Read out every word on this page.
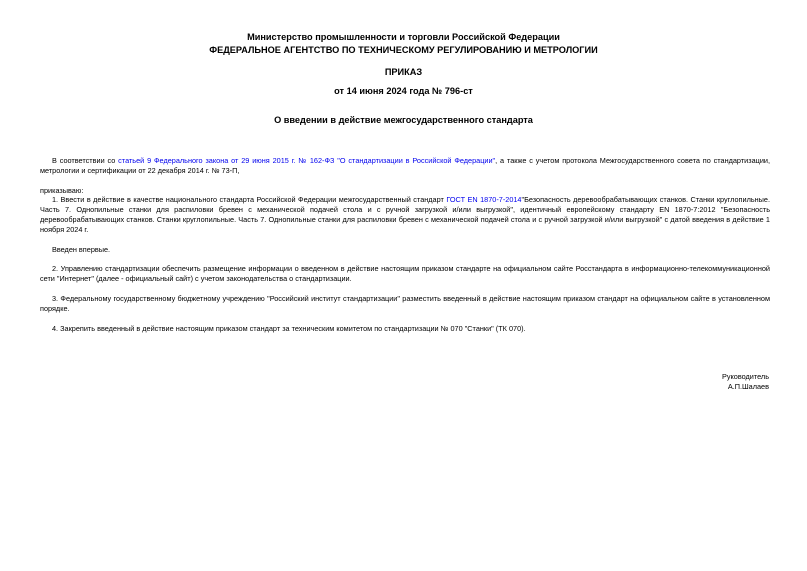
Министерство промышленности и торговли Российской Федерации
ФЕДЕРАЛЬНОЕ АГЕНТСТВО ПО ТЕХНИЧЕСКОМУ РЕГУЛИРОВАНИЮ И МЕТРОЛОГИИ
ПРИКАЗ
от 14 июня 2024 года № 796-ст
О введении в действие межгосударственного стандарта

В соответствии со статьей 9 Федерального закона от 29 июня 2015 г. № 162-ФЗ "О стандартизации в Российской Федерации", а также с учетом протокола Межгосударственного совета по стандартизации, метрологии и сертификации от 22 декабря 2014 г. № 73-П,

приказываю:

1. Ввести в действие в качестве национального стандарта Российской Федерации межгосударственный стандарт ГОСТ EN 1870-7-2014"Безопасность деревообрабатывающих станков. Станки круглопильные. Часть 7. Однопильные станки для распиловки бревен с механической подачей стола и с ручной загрузкой и/или выгрузкой", идентичный европейскому стандарту EN 1870-7:2012 "Безопасность деревообрабатывающих станков. Станки круглопильные. Часть 7. Однопильные станки для распиловки бревен с механической подачей стола и с ручной загрузкой и/или выгрузкой" с датой введения в действие 1 ноября 2024 г.

Введен впервые.

2. Управлению стандартизации обеспечить размещение информации о введенном в действие настоящим приказом стандарте на официальном сайте Росстандарта в информационно-телекоммуникационной сети "Интернет" (далее - официальный сайт) с учетом законодательства о стандартизации.

3. Федеральному государственному бюджетному учреждению "Российский институт стандартизации" разместить введенный в действие настоящим приказом стандарт на официальном сайте в установленном порядке.

4. Закрепить введенный в действие настоящим приказом стандарт за техническим комитетом по стандартизации № 070 "Станки" (ТК 070).

Руководитель
А.П.Шалаев
